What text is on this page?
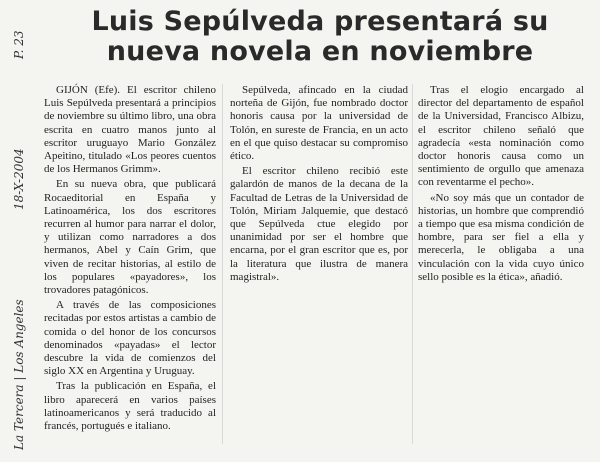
Luis Sepúlveda presentará su
nueva novela en noviembre
La Tercera | Los Angeles
18-X-2004
P. 23

GIJÓN (Efe). El escritor chileno Luis Sepúlveda presentará a principios de noviembre su último libro, una obra escrita en cuatro manos junto al escritor uruguayo Mario González Apeitino, titulado «Los peores cuentos de los Hermanos Grimm».

En su nueva obra, que publicará Rocaeditorial en España y Latinoamérica, los dos escritores recurren al humor para narrar el dolor, y utilizan como narradores a dos hermanos, Abel y Caín Grim, que viven de recitar historias, al estilo de los populares «payadores», los trovadores patagónicos.

A través de las composiciones recitadas por estos artistas a cambio de comida o del honor de los concursos denominados «payadas» el lector descubre la vida de comienzos del siglo XX en Argentina y Uruguay.

Tras la publicación en España, el libro aparecerá en varios países latinoamericanos y será traducido al francés, portugués e italiano.

Sepúlveda, afincado en la ciudad norteña de Gijón, fue nombrado doctor honoris causa por la universidad de Tolón, en sureste de Francia, en un acto en el que quiso destacar su compromiso ético.

El escritor chileno recibió este galardón de manos de la decana de la Facultad de Letras de la Universidad de Tolón, Miriam Jalquemie, que destacó que Sepúlveda ctue elegido por unanimidad por ser el hombre que encarna, por el gran escritor que es, por la literatura que ilustra de manera magistral».

Tras el elogio encargado al director del departamento de español de la Universidad, Francisco Albizu, el escritor chileno señaló que agradecía «esta nominación como doctor honoris causa como un sentimiento de orgullo que amenaza con reventarme el pecho».

«No soy más que un contador de historias, un hombre que comprendió a tiempo que esa misma condición de hombre, para ser fiel a ella y merecerla, le obligaba a una vinculación con la vida cuyo único sello posible es la ética», añadió.
